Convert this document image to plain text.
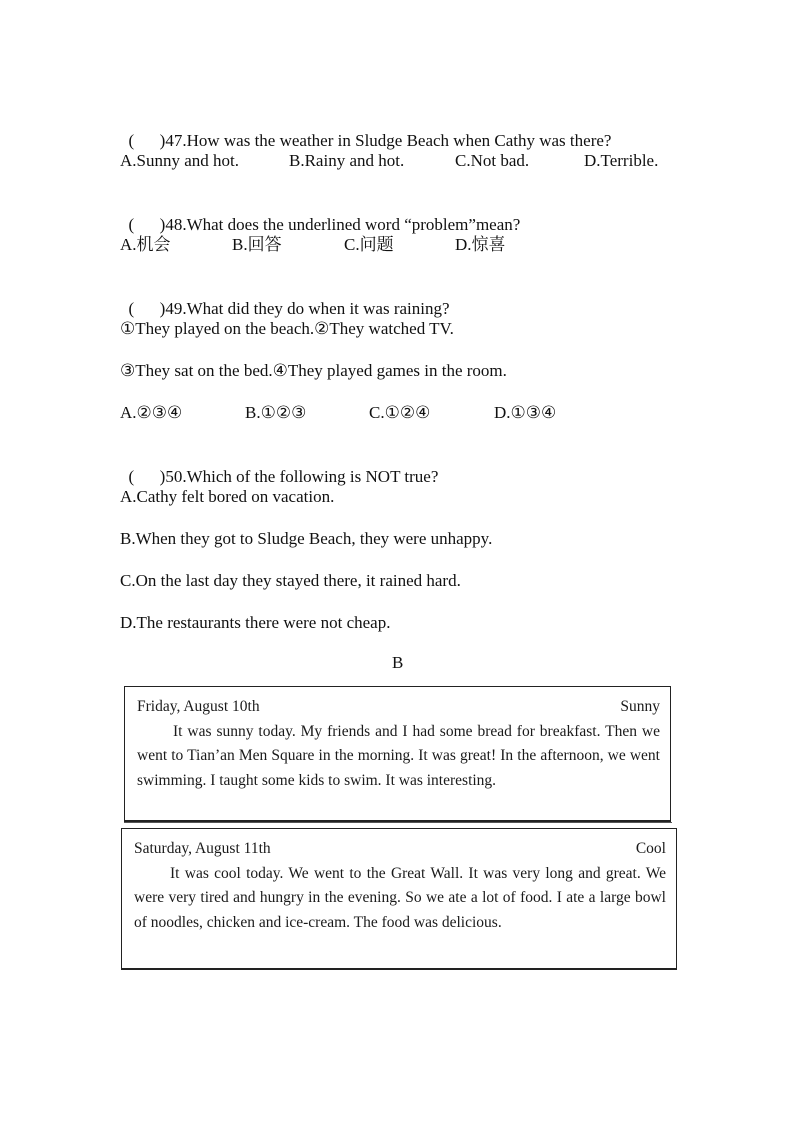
(      )47.How was the weather in Sludge Beach when Cathy was there?

A.Sunny and hot.	B.Rainy and hot.	C.Not bad.	D.Terrible.

(      )48.What does the underlined word “problem”mean?

A.机会	B.回答	C.问题	D.惊喜

(      )49.What did they do when it was raining?

①They played on the beach.②They watched TV.
③They sat on the bed.④They played games in the room.
A.②③④	B.①②③	C.①②④	D.①③④

(      )50.Which of the following is NOT true?

A.Cathy felt bored on vacation.
B.When they got to Sludge Beach, they were unhappy.
C.On the last day they stayed there, it rained hard.
D.The restaurants there were not cheap.
B
Friday, August 10th	Sunny

It was sunny today. My friends and I had some bread for breakfast. Then we went to Tian’an Men Square in the morning. It was great! In the afternoon, we went swimming. I taught some kids to swim. It was interesting.

Saturday, August 11th	Cool

It was cool today. We went to the Great Wall. It was very long and great. We were very tired and hungry in the evening. So we ate a lot of food. I ate a large bowl of noodles, chicken and ice-cream. The food was delicious.
